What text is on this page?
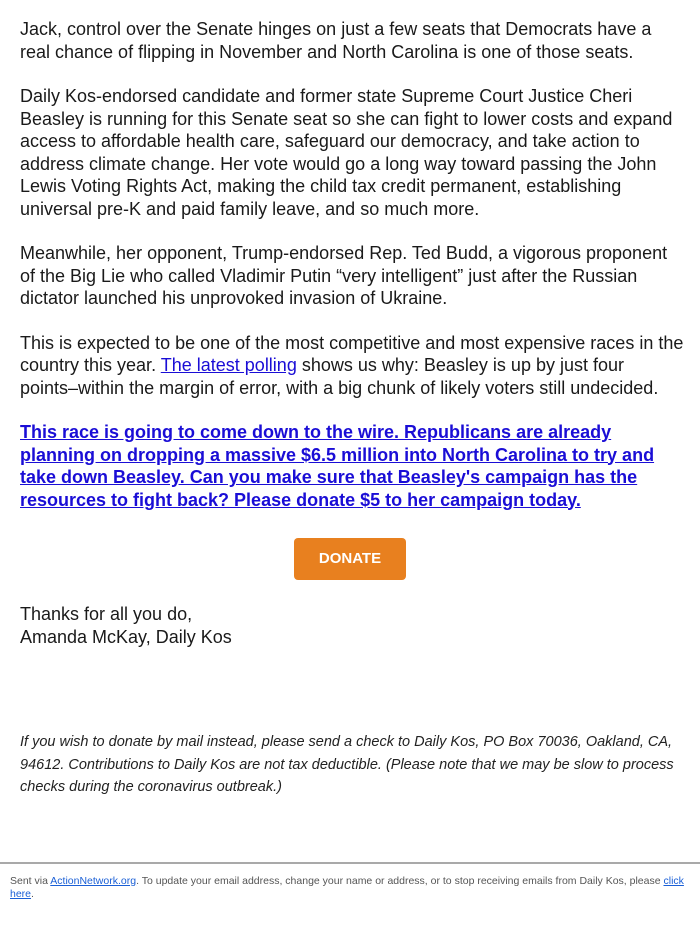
Jack, control over the Senate hinges on just a few seats that Democrats have a real chance of flipping in November and North Carolina is one of those seats.

Daily Kos-endorsed candidate and former state Supreme Court Justice Cheri Beasley is running for this Senate seat so she can fight to lower costs and expand access to affordable health care, safeguard our democracy, and take action to address climate change. Her vote would go a long way toward passing the John Lewis Voting Rights Act, making the child tax credit permanent, establishing universal pre-K and paid family leave, and so much more.

Meanwhile, her opponent, Trump-endorsed Rep. Ted Budd, a vigorous proponent of the Big Lie who called Vladimir Putin “very intelligent” just after the Russian dictator launched his unprovoked invasion of Ukraine.

This is expected to be one of the most competitive and most expensive races in the country this year. The latest polling shows us why: Beasley is up by just four points–within the margin of error, with a big chunk of likely voters still undecided.

This race is going to come down to the wire. Republicans are already planning on dropping a massive $6.5 million into North Carolina to try and take down Beasley. Can you make sure that Beasley's campaign has the resources to fight back? Please donate $5 to her campaign today.

DONATE
Thanks for all you do,
Amanda McKay, Daily Kos
If you wish to donate by mail instead, please send a check to Daily Kos, PO Box 70036, Oakland, CA, 94612. Contributions to Daily Kos are not tax deductible. (Please note that we may be slow to process checks during the coronavirus outbreak.)
Sent via ActionNetwork.org. To update your email address, change your name or address, or to stop receiving emails from Daily Kos, please click here.
